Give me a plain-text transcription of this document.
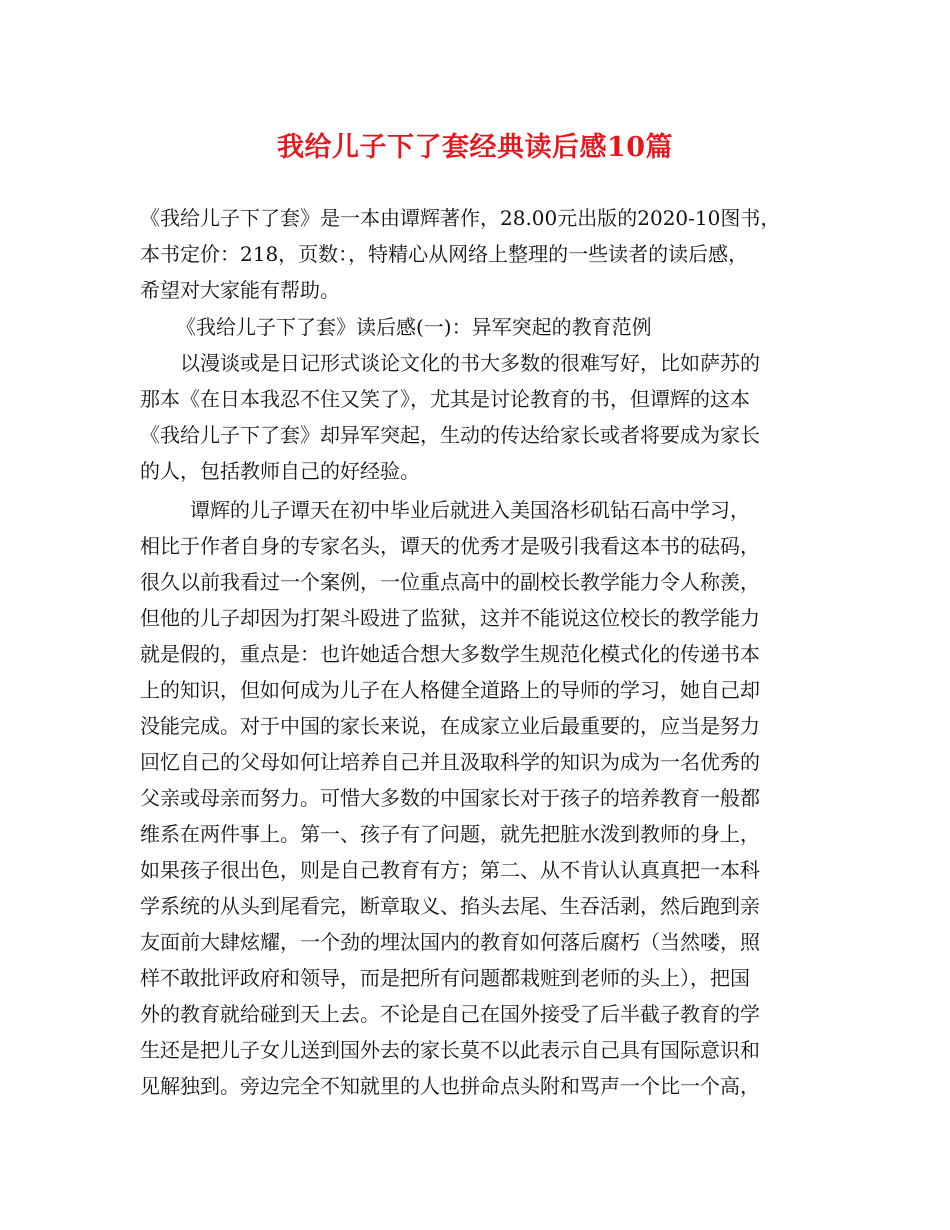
我给儿子下了套经典读后感10篇
《我给儿子下了套》是一本由谭辉著作，28.00元出版的2020-10图书，
本书定价：218，页数：，特精心从网络上整理的一些读者的读后感，
希望对大家能有帮助。
《我给儿子下了套》读后感(一)：异军突起的教育范例
以漫谈或是日记形式谈论文化的书大多数的很难写好，比如萨苏的
那本《在日本我忍不住又笑了》，尤其是讨论教育的书，但谭辉的这本
《我给儿子下了套》却异军突起，生动的传达给家长或者将要成为家长
的人，包括教师自己的好经验。
谭辉的儿子谭天在初中毕业后就进入美国洛杉矶钻石高中学习，
相比于作者自身的专家名头，谭天的优秀才是吸引我看这本书的砝码，
很久以前我看过一个案例，一位重点高中的副校长教学能力令人称羡，
但他的儿子却因为打架斗殴进了监狱，这并不能说这位校长的教学能力
就是假的，重点是：也许她适合想大多数学生规范化模式化的传递书本
上的知识，但如何成为儿子在人格健全道路上的导师的学习，她自己却
没能完成。对于中国的家长来说，在成家立业后最重要的，应当是努力
回忆自己的父母如何让培养自己并且汲取科学的知识为成为一名优秀的
父亲或母亲而努力。可惜大多数的中国家长对于孩子的培养教育一般都
维系在两件事上。第一、孩子有了问题，就先把脏水泼到教师的身上，
如果孩子很出色，则是自己教育有方；第二、从不肯认认真真把一本科
学系统的从头到尾看完，断章取义、掐头去尾、生吞活剥，然后跑到亲
友面前大肆炫耀，一个劲的埋汰国内的教育如何落后腐朽（当然喽，照
样不敢批评政府和领导，而是把所有问题都栽赃到老师的头上），把国
外的教育就给碰到天上去。不论是自己在国外接受了后半截子教育的学
生还是把儿子女儿送到国外去的家长莫不以此表示自己具有国际意识和
见解独到。旁边完全不知就里的人也拼命点头附和骂声一个比一个高，
